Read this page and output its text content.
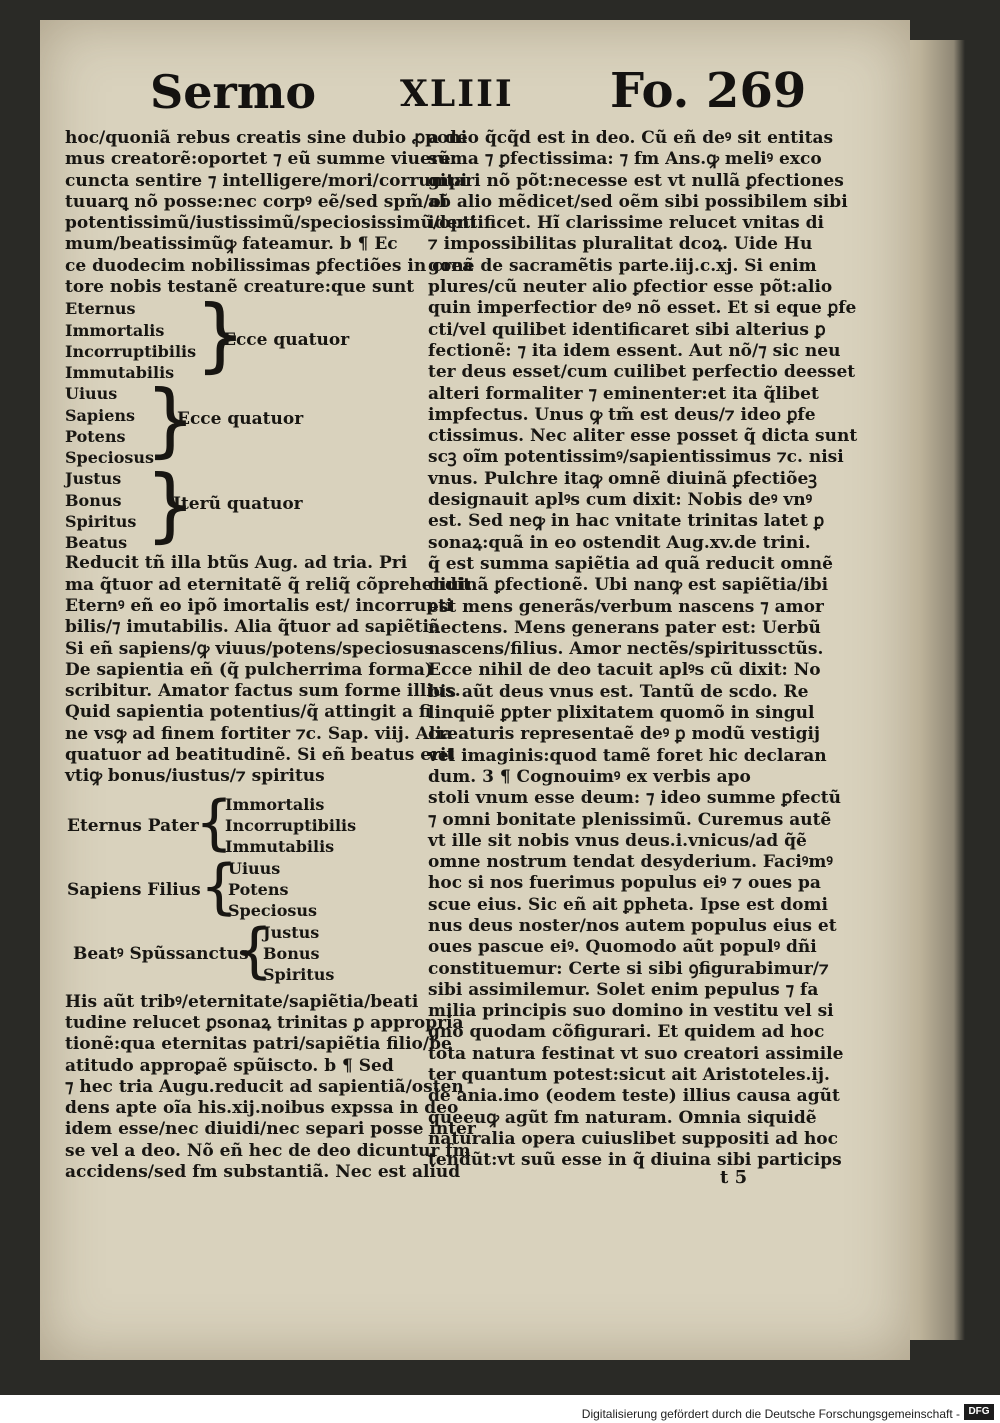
Sermo XLIII Fo. 269
hoc/quoniã rebus creatis sine dubio ꝓponi
mus creatorẽ:oportet ⁊ eũ summe viuere:
cuncta sentire ⁊ intelligere/mori/corrumpi
tuuarꝗ nõ posse:nec corpꝰ eẽ/sed spm̃/oĩ
potentissimũ/iustissimũ/speciosissimũ/opti
mum/beatissimũꝙ fateamur. b ¶ Ec
ce duodecim nobilissimas ꝑfectiões in crea
tore nobis testanẽ creature:que sunt
Eternus
Immortalis
Incorruptibilis
Immutabilis }
Ecce quatuor
Uiuus
Sapiens
Potens
Speciosus
}
Ecce quatuor
Justus
Bonus
Spiritus
Beatus }
Iterũ quatuor
Reducit tñ illa btũs Aug. ad tria. Pri
ma q̃tuor ad eternitatẽ q̃ reliq̃ cõprehendit
Eternꝰ eñ eo ipõ imortalis est/ incorrupti
bilis/⁊ imutabilis. Alia q̃tuor ad sapiẽtiã.
Si eñ sapiens/ꝙ viuus/potens/speciosus
De sapientia eñ (q̃ pulcherrima forma)
scribitur. Amator factus sum forme illius.
Quid sapientia potentius/q̃ attingit a fi
ne vsꝙ ad finem fortiter ⁊c. Sap. viij. Alia
quatuor ad beatitudinẽ. Si eñ beatus erit
vtiꝙ bonus/iustus/⁊ spiritus
Eternus Pater
{
Immortalis
Incorruptibilis
Immutabilis
Sapiens Filius {
Uiuus
Potens
Speciosus
Beatꝰ Spũssanctus
{
Justus
Bonus
Spiritus
His aũt tribꝰ/eternitate/sapiẽtia/beati
tudine relucet ꝑsonaꝝ trinitas ꝑ appropria
tionẽ:qua eternitas patri/sapiẽtia filio/be
atitudo approꝑaẽ spũiscto. b ¶ Sed
⁊ hec tria Augu.reducit ad sapientiã/osten
dens apte oĩa his.xij.noibus expssa in deo
idem esse/nec diuidi/nec separi posse inter
se vel a deo. Nõ eñ hec de deo dicuntur fm
accidens/sed fm substantiã. Nec est aliud
a deo q̃cq̃d est in deo. Cũ eñ deꝰ sit entitas
sũma ⁊ ꝑfectissima: ⁊ fm Ans.ꝙ meliꝰ exco
gitari nõ põt:necesse est vt nullã ꝑfectiones
ab alio mẽdicet/sed oẽm sibi possibilem sibi
identificet. Hĩ clarissime relucet vnitas di
⁊ impossibilitas pluralitat dcoꝝ. Uide Hu
gonẽ de sacramẽtis parte.iij.c.xj. Si enim
plures/cũ neuter alio ꝑfectior esse põt:alio
quin imperfectior deꝰ nõ esset. Et si eque ꝑfe
cti/vel quilibet identificaret sibi alterius ꝑ
fectionẽ: ⁊ ita idem essent. Aut nõ/⁊ sic neu
ter deus esset/cum cuilibet perfectio deesset
alteri formaliter ⁊ eminenter:et ita q̃libet
impfectus. Unus ꝙ tm̃ est deus/⁊ ideo ꝑfe
ctissimus. Nec aliter esse posset q̃ dicta sunt
scꝫ oĩm potentissimꝰ/sapientissimus ⁊c. nisi
vnus. Pulchre itaꝙ omnẽ diuinã ꝑfectiõeꝫ
designauit aplꝰs cum dixit: Nobis deꝰ vnꝰ
est. Sed neꝙ in hac vnitate trinitas latet ꝑ
sonaꝝ:quã in eo ostendit Aug.xv.de trini.
q̃ est summa sapiẽtia ad quã reducit omnẽ
diuinã ꝑfectionẽ. Ubi nanꝙ est sapiẽtia/ibi
est mens generãs/verbum nascens ⁊ amor
nectens. Mens generans pater est: Uerbũ
nascens/filius. Amor nectẽs/spiritussctũs.
Ecce nihil de deo tacuit aplꝰs cũ dixit: No
bis aũt deus vnus est. Tantũ de scdo. Re
linquiẽ ꝑpter plixitatem quomõ in singul
creaturis representaẽ deꝰ ꝑ modũ vestigij
vel imaginis:quod tamẽ foret hic declaran
dum. 3 ¶ Cognouimꝰ ex verbis apo
stoli vnum esse deum: ⁊ ideo summe ꝑfectũ
⁊ omni bonitate plenissimũ. Curemus autẽ
vt ille sit nobis vnus deus.i.vnicus/ad q̃ẽ
omne nostrum tendat desyderium. Faciꝰmꝰ
hoc si nos fuerimus populus eiꝰ ⁊ oues pa
scue eius. Sic eñ ait ꝑpheta. Ipse est domi
nus deus noster/nos autem populus eius et
oues pascue eiꝰ. Quomodo aũt populꝰ dñi
constituemur: Certe si sibi ꝯfigurabimur/⁊
sibi assimilemur. Solet enim pepulus ⁊ fa
milia principis suo domino in vestitu vel si
gno quodam cõfigurari. Et quidem ad hoc
tota natura festinat vt suo creatori assimile
ter quantum potest:sicut ait Aristoteles.ij.
de ania.imo (eodem teste) illius causa agũt
queeuꝙ agũt fm naturam. Omnia siquidẽ
naturalia opera cuiuslibet suppositi ad hoc
tendũt:vt suũ esse in q̃ diuina sibi particips
t 5
Digitalisierung gefördert durch die Deutsche Forschungsgemeinschaft - DFG
